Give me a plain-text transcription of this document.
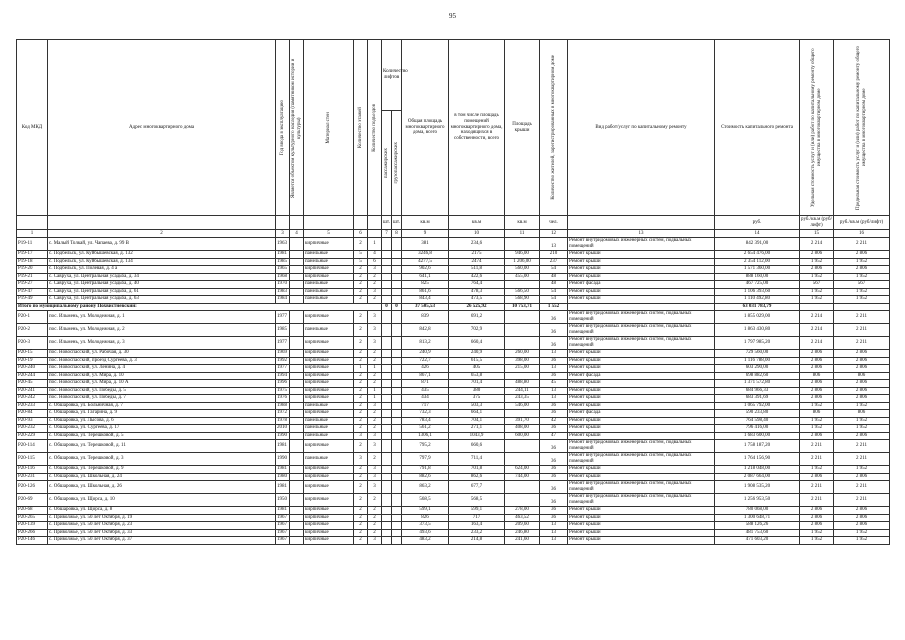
95
Код МКД	Адрес многоквартирного дома	Год ввода в эксплуатацию	Является объектом культурного наследия (памятником истории и культуры)	Материал стен	Количество этажей	Количество подъездов	Количество лифтов		Общая площадь многоквартирного дома, всего	в том числе площадь помещений многоквартирного дома, находящихся в собственности, всего	Площадь крыши	Количество жителей, зарегистрированных в многоквартирном доме	Вид работ/услуг по капитальному ремонту	Стоимость капитального ремонта	Удельная стоимость услуг и (или) работ по капитальному ремонту общего имущества в многоквартирном доме	Предельная стоимость услуг и (или) работ по капитальному ремонту общего имущества в многоквартирном доме

							пассажирских	грузопассажирских								

							шт.	шт.	кв.м	кв.м	кв.м	чел.		руб.	руб./кв.м (руб/лифт)	руб./кв.м (руб/лифт)
1	2	3	4	5	6		7	8	9	10	11	12	13	14	15	16
Р19-11	с. Малый Толкай, ул. Чапаева, д. 99 В	1963		кирпичные	2	1			381	234,6		13	Ремонт внутридомовых инженерных систем, подвальных помещений	842 391,00	2 214	2 211
Р19-17	с. Подбельск, ул. Куйбышевская, д. 132	1981		панельные	5	4			3246,8	2175	946,00	210	Ремонт крыши	2 654 476,00	2 806	2 806
Р19-18	с. Подбельск, ул. Куйбышевская, д. 134	1985		панельные	5	6			4277,5	2474	1 206,00	237	Ремонт крыши	2 354 112,00	1 952	1 952
Р19-20	с. Подбельск, ул. Полевая, д. 4 а	1965		кирпичные	2	3			902,6	511,8	560,00	54	Ремонт крыши	1 571 360,00	2 806	2 806
Р19-21	с. Савруха, ул. Центральная усадьба, д. 34	1968		кирпичные	2	2			641,1	422,6	455,00	48	Ремонт крыши	888 160,00	1 952	1 952
Р19-27	с. Савруха, ул. Центральная усадьба, д. 40	1970		панельные	2	2			825	764,4		48	Ремонт фасада	467 725,00	567	567
Р19-47	с. Савруха, ул. Центральная усадьба, д. 61	1983		панельные	2	3			861,6	478,3	566,50	54	Ремонт крыши	1 106 393,60	1 952	1 952
Р19-49	с. Савруха, ул. Центральная усадьба, д. 63	1984		панельные	2	2			843,4	473,5	568,90	54	Ремонт крыши	1 110 492,80	1 952	1 952
Итого по муниципальному району Похвистневский:							0	0	37 505,53	26 525,92	10 753,71	1 552		63 031 783,79		
Р20-1	пос. Ильмень, ул. Молодежная, д. 1	1977		кирпичные	2	3			839	691,2		36	Ремонт внутридомовых инженерных систем, подвальных помещений	1 855 029,00	2 214	2 211
Р20-2	пос. Ильмень, ул. Молодежная, д. 2	1985		панельные	2	3			842,8	702,9		36	Ремонт внутридомовых инженерных систем, подвальных помещений	1 863 430,80	2 214	2 211
Р20-3	пос. Ильмень, ул. Молодежная, д. 3	1977		кирпичные	2	3			813,2	660,4		36	Ремонт внутридомовых инженерных систем, подвальных помещений	1 797 985,20	2 214	2 211
Р20-15	пос. Новоспасский, ул. Рабочая, д. 30	1969		кирпичные	2	2			240,9	240,9	260,00	13	Ремонт крыши	729 560,00	2 806	2 806
Р20-19	пос. Новоспасский, проезд Сургеева, д. 3	1992		кирпичные	2	2			722,7	615,5	398,00	36	Ремонт крыши	1 116 788,00	2 806	2 806
Р20-240	пос. Новоспасский, ул. Ленина, д. 4	1977		кирпичные	1	1			426	405	215,00	13	Ремонт крыши	603 290,00	2 806	2 806
Р20-244	пос. Новоспасский, ул. Мира, д. 10	1994		кирпичные	2	2			867,1	653,8		36	Ремонт фасада	698 882,60	806	806
Р20-45	пос. Новоспасский, ул. Мира, д. 10 А	1996		кирпичные	2	2			871	701,4	488,80	45	Ремонт крыши	1 371 572,80	2 806	2 806
Р20-241	пос. Новоспасский, ул. Победы, д. 5	1975		кирпичные	2	1			435	380	244,11	13	Ремонт крыши	684 966,33	2 806	2 806
Р20-242	пос. Новоспасский, ул. Победы, д. 7	1976		кирпичные	2	1			434	375	243,35	13	Ремонт крыши	683 391,69	2 806	2 806
Р20-233	с. Обшаровка, ул. Больничная, д. 7	1988		панельные	2	3			717	503,3	546,00	36	Ремонт крыши	1 065 792,00	1 952	1 952
Р20-84	с. Обшаровка, ул. Гагарина, д. 9	1972		кирпичные	2	2			732,3	664,1		36	Ремонт фасада	590 233,80	806	806
Р20-93	с. Обшаровка, ул. Лысова, д. 6	1978		панельные	2	2			783,4	704,1	391,70	42	Ремонт крыши	764 598,40	1 952	1 952
Р20-232	с. Обшаровка, ул. Сургеева, д. 17	2010		панельные	2	2			561,2	271,1	408,00	36	Ремонт крыши	796 416,00	1 952	1 952
Р20-229	с. Обшаровка, ул. Терешковой, д. 5	1990		панельные	3	3			1306,1	1043,9	600,00	47	Ремонт крыши	1 683 600,00	2 806	2 806
Р20-114	с. Обшаровка, ул. Терешковой, д. 11	1981		кирпичные	2	3			795,2	660,6		36	Ремонт внутридомовых инженерных систем, подвальных помещений	1 758 187,20	2 211	2 211
Р20-115	с. Обшаровка, ул. Терешковой, д. 3	1990		панельные	3	2			797,9	711,4		36	Ремонт внутридомовых инженерных систем, подвальных помещений	1 764 156,90	2 211	2 211
Р20-116	с. Обшаровка, ул. Терешковой, д. 9	1981		кирпичные	2	3			791,8	701,8	624,00	36	Ремонт крыши	1 218 048,00	1 952	1 952
Р20-231	с. Обшаровка, ул. Школьная, д. 24	1980		кирпичные	2	3			882,6	862,6	744,00	36	Ремонт крыши	2 087 664,00	2 806	2 806
Р20-126	с. Обшаровка, ул. Школьная, д. 26	1981		кирпичные	2	3			863,2	677,7		36	Ремонт внутридомовых инженерных систем, подвальных помещений	1 908 535,20	2 211	2 211
Р20-69	с. Обшаровка, ул. Щорса, д. 10	1950		кирпичные	2	2			568,5	568,5		36	Ремонт внутридомовых инженерных систем, подвальных помещений	1 256 953,50	2 211	2 211
Р20-68	с. Обшаровка, ул. Щорса, д. 8	1981		кирпичные	2	2			599,1	599,1	278,00	36	Ремонт крыши	780 068,00	2 806	2 806
Р20-265	с. Приволжье, ул. 50 лет Октября, д. 19	1967		кирпичные	2	2			826	717	463,52	36	Ремонт крыши	1 300 648,71	2 806	2 806
Р20-139	с. Приволжье, ул. 50 лет Октября, д. 23	1967		кирпичные	2	2			373,5	163,4	209,60	13	Ремонт крыши	588 126,26	2 806	2 806
Р20-266	с. Приволжье, ул. 50 лет Октября, д. 33	1967		кирпичные	2	2			493,6	233,2	246,80	13	Ремонт крыши	481 753,60	1 952	1 952
Р20-146	с. Приволжье, ул. 50 лет Октября, д. 37	1967		кирпичные	2	3			483,2	214,8	241,60	13	Ремонт крыши	471 603,20	1 952	1 952
